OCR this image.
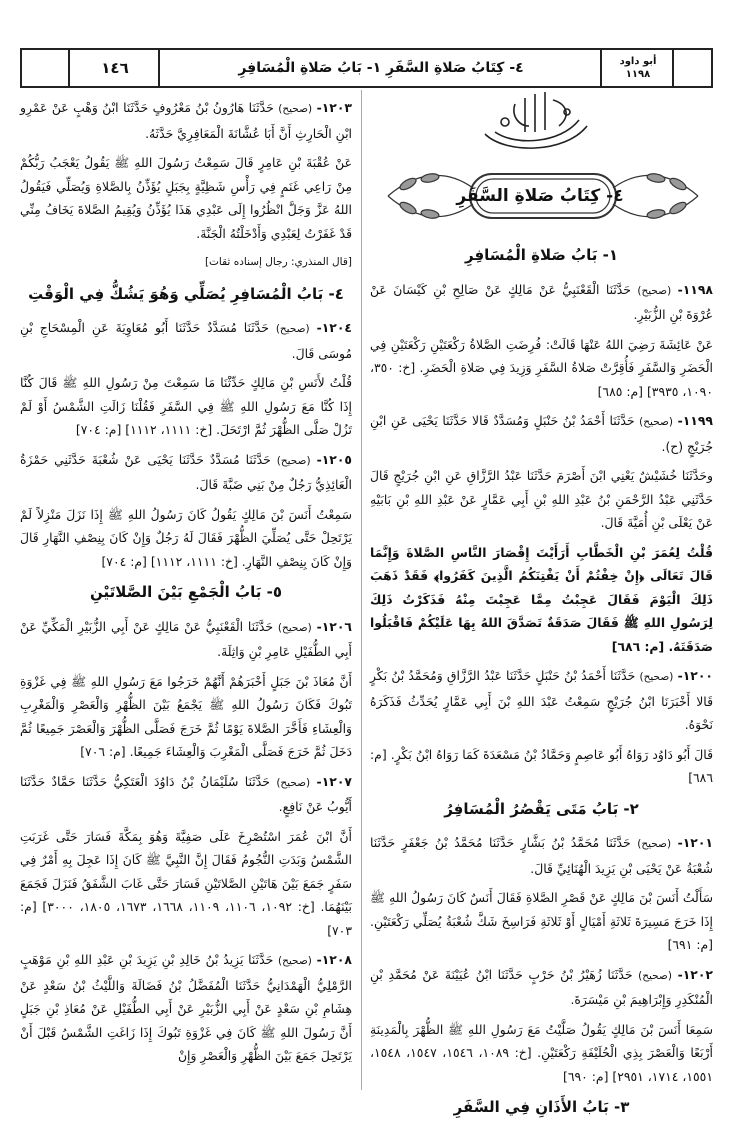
١٤٦	٤- كِتَابُ صَلاةِ السَّفَرِ ١- بَابُ صَلاةِ الْمُسَافِرِ	أبو داود
١١٩٨
٤- كِتَابُ صَلاةِ السَّفَرِ
١- بَابُ صَلاةِ الْمُسَافِرِ

١١٩٨- (صحيح) حَدَّثَنَا الْقَعْنَبِيُّ عَنْ مَالِكٍ عَنْ صَالِحِ بْنِ كَيْسَانَ عَنْ عُرْوَةَ بْنِ الزُّبَيْرِ.

عَنْ عَائِشَةَ رَضِيَ اللهُ عَنْهَا قَالَتْ: فُرِضَتِ الصَّلاةُ رَكْعَتَيْنِ رَكْعَتَيْنِ فِي الْحَضَرِ وَالسَّفَرِ فَأُقِرَّتْ صَلاةُ السَّفَرِ وَزِيدَ فِي صَلاةِ الْحَضَرِ. [خ: ٣٥٠، ١٠٩٠، ٣٩٣٥] [م: ٦٨٥]

١١٩٩- (صحيح) حَدَّثَنَا أَحْمَدُ بْنُ حَنْبَلٍ وَمُسَدَّدٌ قَالا حَدَّثَنَا يَحْيَى عَنِ ابْنِ جُرَيْجٍ (ح).

وحَدَّثَنَا خُشَيْشٌ يَعْنِي ابْنَ أَصْرَمَ حَدَّثَنَا عَبْدُ الرَّزَّاقِ عَنِ ابْنِ جُرَيْجٍ قَالَ حَدَّثَنِي عَبْدُ الرَّحْمَنِ بْنُ عَبْدِ اللهِ بْنِ أَبِي عَمَّارٍ عَنْ عَبْدِ اللهِ بْنِ بَابَيْهِ عَنْ يَعْلَى بْنِ أُمَيَّةَ قَالَ.

قُلْتُ لِعُمَرَ بْنِ الْخَطَّابِ أَرَأَيْتَ إِقْصَارَ النَّاسِ الصَّلاةَ وَإِنَّمَا قَالَ تَعَالَى ﴿إِنْ خِفْتُمْ أَنْ يَفْتِنَكُمُ الَّذِينَ كَفَرُوا﴾ فَقَدْ ذَهَبَ ذَلِكَ الْيَوْمَ فَقَالَ عَجِبْتُ مِمَّا عَجِبْتَ مِنْهُ فَذَكَرْتُ ذَلِكَ لِرَسُولِ اللهِ ﷺ فَقَالَ صَدَقَةٌ تَصَدَّقَ اللهُ بِهَا عَلَيْكُمْ فَاقْبَلُوا صَدَقَتَهُ. [م: ٦٨٦]

١٢٠٠- (صحيح) حَدَّثَنَا أَحْمَدُ بْنُ حَنْبَلٍ حَدَّثَنَا عَبْدُ الرَّزَّاقِ وَمُحَمَّدُ بْنُ بَكْرٍ قَالا أَخْبَرَنَا ابْنُ جُرَيْجٍ سَمِعْتُ عَبْدَ اللهِ بْنَ أَبِي عَمَّارٍ يُحَدِّثُ فَذَكَرَهُ نَحْوَهُ.

قَالَ أَبُو دَاوُد رَوَاهُ أَبُو عَاصِمٍ وَحَمَّادُ بْنُ مَسْعَدَةَ كَمَا رَوَاهُ ابْنُ بَكْرٍ. [م: ٦٨٦]

٢- بَابُ مَتَى يَقْصُرُ الْمُسَافِرُ

١٢٠١- (صحيح) حَدَّثَنَا مُحَمَّدُ بْنُ بَشَّارٍ حَدَّثَنَا مُحَمَّدُ بْنُ جَعْفَرٍ حَدَّثَنَا شُعْبَةُ عَنْ يَحْيَى بْنِ يَزِيدَ الْهُنَائِيِّ قَالَ.

سَأَلْتُ أَنَسَ بْنَ مَالِكٍ عَنْ قَصْرِ الصَّلاةِ فَقَالَ أَنَسٌ كَانَ رَسُولُ اللهِ ﷺ إِذَا خَرَجَ مَسِيرَةَ ثَلاثَةِ أَمْيَالٍ أَوْ ثَلاثَةِ فَرَاسِخَ شَكَّ شُعْبَةُ يُصَلِّي رَكْعَتَيْنِ. [م: ٦٩١]

١٢٠٢- (صحيح) حَدَّثَنَا زُهَيْرُ بْنُ حَرْبٍ حَدَّثَنَا ابْنُ عُيَيْنَةَ عَنْ مُحَمَّدِ بْنِ الْمُنْكَدِرِ وَإِبْرَاهِيمَ بْنِ مَيْسَرَةَ.

سَمِعَا أَنَسَ بْنَ مَالِكٍ يَقُولُ صَلَّيْتُ مَعَ رَسُولِ اللهِ ﷺ الظُّهْرَ بِالْمَدِينَةِ أَرْبَعًا وَالْعَصْرَ بِذِي الْحُلَيْفَةِ رَكْعَتَيْنِ. [خ: ١٠٨٩، ١٥٤٦، ١٥٤٧، ١٥٤٨، ١٥٥١، ١٧١٤، ٢٩٥١] [م: ٦٩٠]

٣- بَابُ الأَذَانِ فِي السَّفَرِ

١٢٠٣- (صحيح) حَدَّثَنَا هَارُونُ بْنُ مَعْرُوفٍ حَدَّثَنَا ابْنُ وَهْبٍ عَنْ عَمْرِو ابْنِ الْحَارِثِ أَنَّ أَبَا عُشَّانَةَ الْمَعَافِرِيَّ حَدَّثَهُ.

عَنْ عُقْبَةَ بْنِ عَامِرٍ قَالَ سَمِعْتُ رَسُولَ اللهِ ﷺ يَقُولُ يَعْجَبُ رَبُّكُمْ مِنْ رَاعِي غَنَمٍ فِي رَأْسِ شَظِيَّةٍ بِجَبَلٍ يُؤَذِّنُ بِالصَّلاةِ وَيُصَلِّي فَيَقُولُ اللهُ عَزَّ وَجَلَّ انْظُرُوا إِلَى عَبْدِي هَذَا يُؤَذِّنُ وَيُقِيمُ الصَّلاةَ يَخَافُ مِنِّي قَدْ غَفَرْتُ لِعَبْدِي وَأَدْخَلْتُهُ الْجَنَّةَ.

[قال المنذري: رجال إسناده ثقات]

٤- بَابُ الْمُسَافِرِ يُصَلِّي وَهُوَ يَشُكُّ فِي الْوَقْتِ

١٢٠٤- (صحيح) حَدَّثَنَا مُسَدَّدٌ حَدَّثَنَا أَبُو مُعَاوِيَةَ عَنِ الْمِسْحَاجِ بْنِ مُوسَى قَالَ.

قُلْتُ لأَنَسِ بْنِ مَالِكٍ حَدِّثْنَا مَا سَمِعْتَ مِنْ رَسُولِ اللهِ ﷺ قَالَ كُنَّا إِذَا كُنَّا مَعَ رَسُولِ اللهِ ﷺ فِي السَّفَرِ فَقُلْنَا زَالَتِ الشَّمْسُ أَوْ لَمْ تَزُلْ صَلَّى الظُّهْرَ ثُمَّ ارْتَحَلَ. [خ: ١١١١، ١١١٢] [م: ٧٠٤]

١٢٠٥- (صحيح) حَدَّثَنَا مُسَدَّدٌ حَدَّثَنَا يَحْيَى عَنْ شُعْبَةَ حَدَّثَنِي حَمْزَةُ الْعَائِذِيُّ رَجُلٌ مِنْ بَنِي ضَبَّةَ قَالَ.

سَمِعْتُ أَنَسَ بْنَ مَالِكٍ يَقُولُ كَانَ رَسُولُ اللهِ ﷺ إِذَا نَزَلَ مَنْزِلاً لَمْ يَرْتَحِلْ حَتَّى يُصَلِّيَ الظُّهْرَ فَقَالَ لَهُ رَجُلٌ وَإِنْ كَانَ بِنِصْفِ النَّهَارِ قَالَ وَإِنْ كَانَ بِنِصْفِ النَّهَارِ. [خ: ١١١١، ١١١٢] [م: ٧٠٤]

٥- بَابُ الْجَمْعِ بَيْنَ الصَّلاتَيْنِ

١٢٠٦- (صحيح) حَدَّثَنَا الْقَعْنَبِيُّ عَنْ مَالِكٍ عَنْ أَبِي الزُّبَيْرِ الْمَكِّيِّ عَنْ أَبِي الطُّفَيْلِ عَامِرِ بْنِ وَاثِلَةَ.

أَنَّ مُعَاذَ بْنَ جَبَلٍ أَخْبَرَهُمْ أَنَّهُمْ خَرَجُوا مَعَ رَسُولِ اللهِ ﷺ فِي غَزْوَةِ تَبُوكَ فَكَانَ رَسُولُ اللهِ ﷺ يَجْمَعُ بَيْنَ الظُّهْرِ وَالْعَصْرِ وَالْمَغْرِبِ وَالْعِشَاءِ فَأَخَّرَ الصَّلاةَ يَوْمًا ثُمَّ خَرَجَ فَصَلَّى الظُّهْرَ وَالْعَصْرَ جَمِيعًا ثُمَّ دَخَلَ ثُمَّ خَرَجَ فَصَلَّى الْمَغْرِبَ وَالْعِشَاءَ جَمِيعًا. [م: ٧٠٦]

١٢٠٧- (صحيح) حَدَّثَنَا سُلَيْمَانُ بْنُ دَاوُدَ الْعَتَكِيُّ حَدَّثَنَا حَمَّادٌ حَدَّثَنَا أَيُّوبُ عَنْ نَافِعٍ.

أَنَّ ابْنَ عُمَرَ اسْتُصْرِخَ عَلَى صَفِيَّةَ وَهُوَ بِمَكَّةَ فَسَارَ حَتَّى غَرَبَتِ الشَّمْسُ وَبَدَتِ النُّجُومُ فَقَالَ إِنَّ النَّبِيَّ ﷺ كَانَ إِذَا عَجِلَ بِهِ أَمْرٌ فِي سَفَرٍ جَمَعَ بَيْنَ هَاتَيْنِ الصَّلاتَيْنِ فَسَارَ حَتَّى غَابَ الشَّفَقُ فَنَزَلَ فَجَمَعَ بَيْنَهُمَا. [خ: ١٠٩٢، ١١٠٦، ١١٠٩، ١٦٦٨، ١٦٧٣، ١٨٠٥، ٣٠٠٠] [م: ٧٠٣]

١٢٠٨- (صحيح) حَدَّثَنَا يَزِيدُ بْنُ خَالِدِ بْنِ يَزِيدَ بْنِ عَبْدِ اللهِ بْنِ مَوْهَبٍ الرَّمْلِيُّ الْهَمْدَانِيُّ حَدَّثَنَا الْمُفَضَّلُ بْنُ فَضَالَةَ وَاللَّيْثُ بْنُ سَعْدٍ عَنْ هِشَامِ بْنِ سَعْدٍ عَنْ أَبِي الزُّبَيْرِ عَنْ أَبِي الطُّفَيْلِ عَنْ مُعَاذِ بْنِ جَبَلٍ أَنَّ رَسُولَ اللهِ ﷺ كَانَ فِي غَزْوَةِ تَبُوكَ إِذَا زَاغَتِ الشَّمْسُ قَبْلَ أَنْ يَرْتَحِلَ جَمَعَ بَيْنَ الظُّهْرِ وَالْعَصْرِ وَإِنْ
